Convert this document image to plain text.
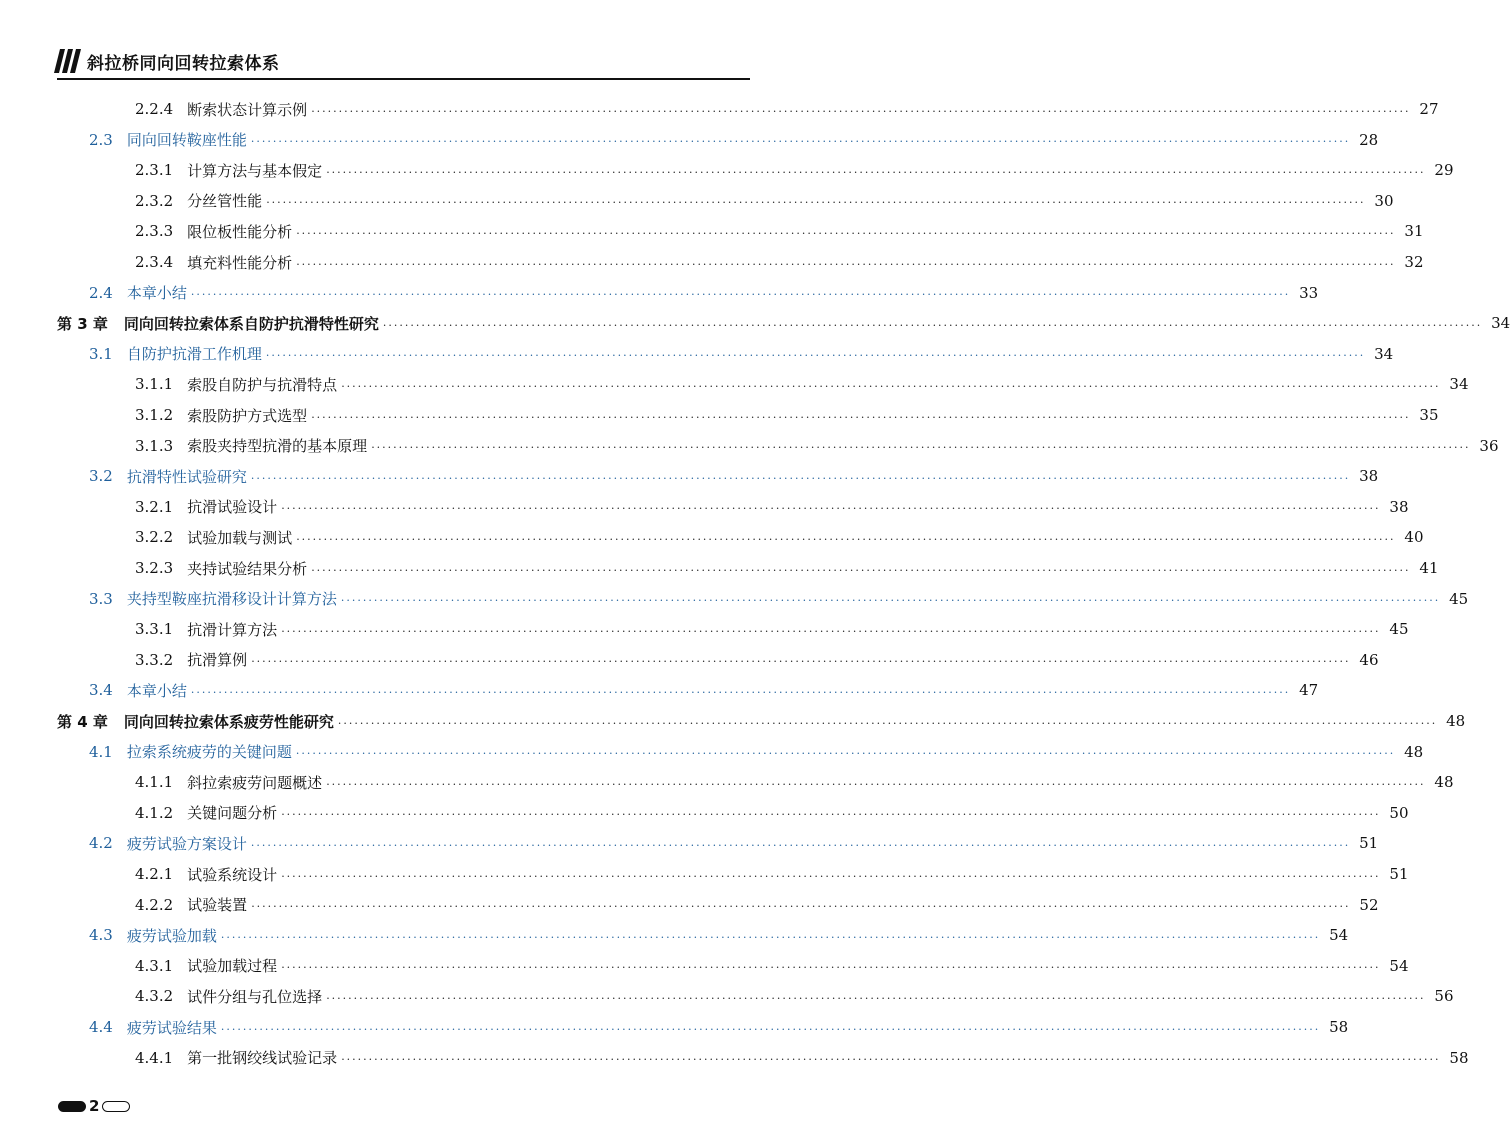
斜拉桥同向回转拉索体系
2.2.4 断索状态计算示例 ········································································································································································································ 27
2.3 同向回转鞍座性能 ········································································································································································································ 28
2.3.1 计算方法与基本假定 ········································································································································································································ 29
2.3.2 分丝管性能 ········································································································································································································ 30
2.3.3 限位板性能分析 ········································································································································································································ 31
2.3.4 填充料性能分析 ········································································································································································································ 32
2.4 本章小结 ········································································································································································································ 33
第 3 章 同向回转拉索体系自防护抗滑特性研究 ········································································································································································································ 34
3.1 自防护抗滑工作机理 ········································································································································································································ 34
3.1.1 索股自防护与抗滑特点 ········································································································································································································ 34
3.1.2 索股防护方式选型 ········································································································································································································ 35
3.1.3 索股夹持型抗滑的基本原理 ········································································································································································································ 36
3.2 抗滑特性试验研究 ········································································································································································································ 38
3.2.1 抗滑试验设计 ········································································································································································································ 38
3.2.2 试验加载与测试 ········································································································································································································ 40
3.2.3 夹持试验结果分析 ········································································································································································································ 41
3.3 夹持型鞍座抗滑移设计计算方法 ········································································································································································································ 45
3.3.1 抗滑计算方法 ········································································································································································································ 45
3.3.2 抗滑算例 ········································································································································································································ 46
3.4 本章小结 ········································································································································································································ 47
第 4 章 同向回转拉索体系疲劳性能研究 ········································································································································································································ 48
4.1 拉索系统疲劳的关键问题 ········································································································································································································ 48
4.1.1 斜拉索疲劳问题概述 ········································································································································································································ 48
4.1.2 关键问题分析 ········································································································································································································ 50
4.2 疲劳试验方案设计 ········································································································································································································ 51
4.2.1 试验系统设计 ········································································································································································································ 51
4.2.2 试验装置 ········································································································································································································ 52
4.3 疲劳试验加载 ········································································································································································································ 54
4.3.1 试验加载过程 ········································································································································································································ 54
4.3.2 试件分组与孔位选择 ········································································································································································································ 56
4.4 疲劳试验结果 ········································································································································································································ 58
4.4.1 第一批钢绞线试验记录 ········································································································································································································ 58
2
